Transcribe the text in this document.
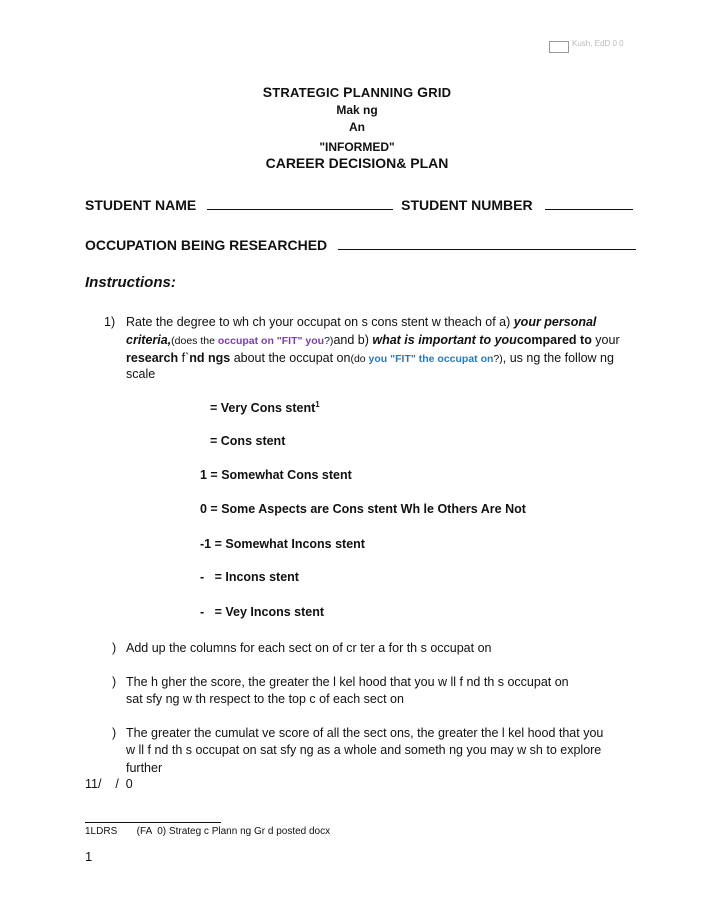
Kush, EdD 0 0
STRATEGIC PLANNING GRID
Mak ng
An
"INFORMED"
CAREER DECISION& PLAN
STUDENT NAME	STUDENT NUMBER
OCCUPATION BEING RESEARCHED
Instructions:
1) Rate the degree to wh ch your occupat on s cons stent w theach of a) your personal
criteria,(does the occupat on "FIT" you?)and b) what is important to youcompared to your
research f`nd ngs about the occupat on(do you "FIT" the occupat on?), us ng the follow ng
scale
= Very Cons stent$^1$
= Cons stent
1 = Somewhat Cons stent
0 = Some Aspects are Cons stent Wh le Others Are Not
-1 = Somewhat Incons stent
-   = Incons stent
-   = Vey Incons stent
) Add up the columns for each sect on of cr ter a for th s occupat on
) The h gher the score, the greater the l kel hood that you w ll f nd th s occupat on
sat sfy ng w th respect to the top c of each sect on
) The greater the cumulat ve score of all the sect ons, the greater the l kel hood that you
w ll f nd th s occupat on sat sfy ng as a whole and someth ng you may w sh to explore
further
11/    /  0
1LDRS       (FA  0) Strateg c Plann ng Gr d posted docx
1
